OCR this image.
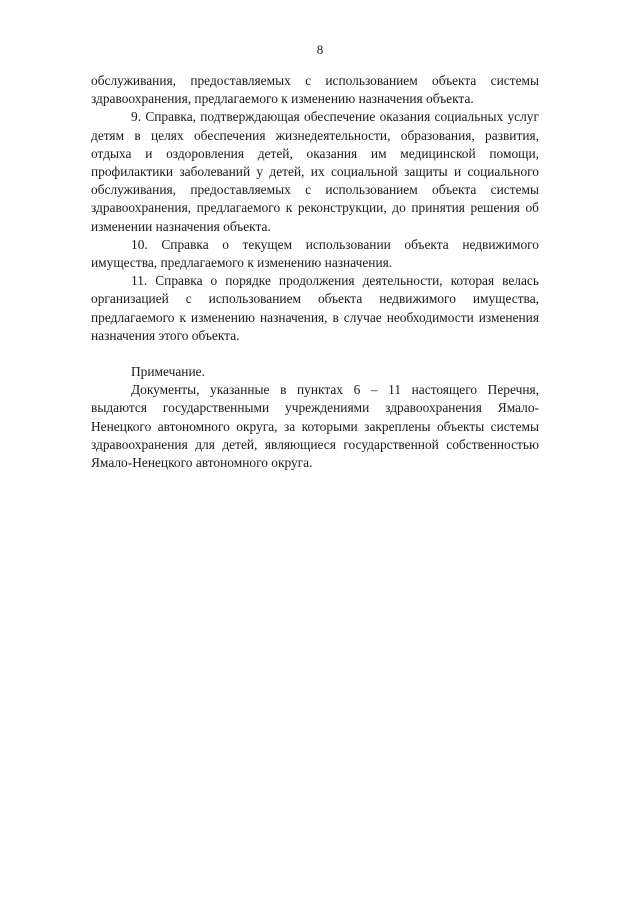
8

обслуживания, предоставляемых с использованием объекта системы здравоохранения, предлагаемого к изменению назначения объекта.

9. Справка, подтверждающая обеспечение оказания социальных услуг детям в целях обеспечения жизнедеятельности, образования, развития, отдыха и оздоровления детей, оказания им медицинской помощи, профилактики заболеваний у детей, их социальной защиты и социального обслуживания, предоставляемых с использованием объекта системы здравоохранения, предлагаемого к реконструкции, до принятия решения об изменении назначения объекта.

10. Справка о текущем использовании объекта недвижимого имущества, предлагаемого к изменению назначения.

11. Справка о порядке продолжения деятельности, которая велась организацией с использованием объекта недвижимого имущества, предлагаемого к изменению назначения, в случае необходимости изменения назначения этого объекта.

Примечание.

Документы, указанные в пунктах 6 – 11 настоящего Перечня, выдаются государственными учреждениями здравоохранения Ямало-Ненецкого автономного округа, за которыми закреплены объекты системы здравоохранения для детей, являющиеся государственной собственностью Ямало-Ненецкого автономного округа.
